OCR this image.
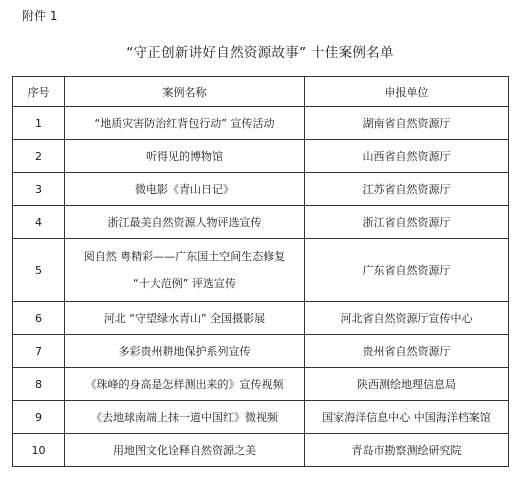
附件 1
“守正创新讲好自然资源故事” 十佳案例名单
序号	案例名称	申报单位
1	“地质灾害防治红背包行动” 宣传活动	湖南省自然资源厅
2	听得见的博物馆	山西省自然资源厅
3	微电影《青山日记》	江苏省自然资源厅
4	浙江最美自然资源人物评选宣传	浙江省自然资源厅
5	阅自然 粤精彩——广东国土空间生态修复
“十大范例” 评选宣传	广东省自然资源厅
6	河北 “守望绿水青山” 全国摄影展	河北省自然资源厅宣传中心
7	多彩贵州耕地保护系列宣传	贵州省自然资源厅
8	《珠峰的身高是怎样测出来的》宣传视频	陕西测绘地理信息局
9	《去地球南端上抹一道中国红》微视频	国家海洋信息中心 中国海洋档案馆
10	用地图文化诠释自然资源之美	青岛市勘察测绘研究院
